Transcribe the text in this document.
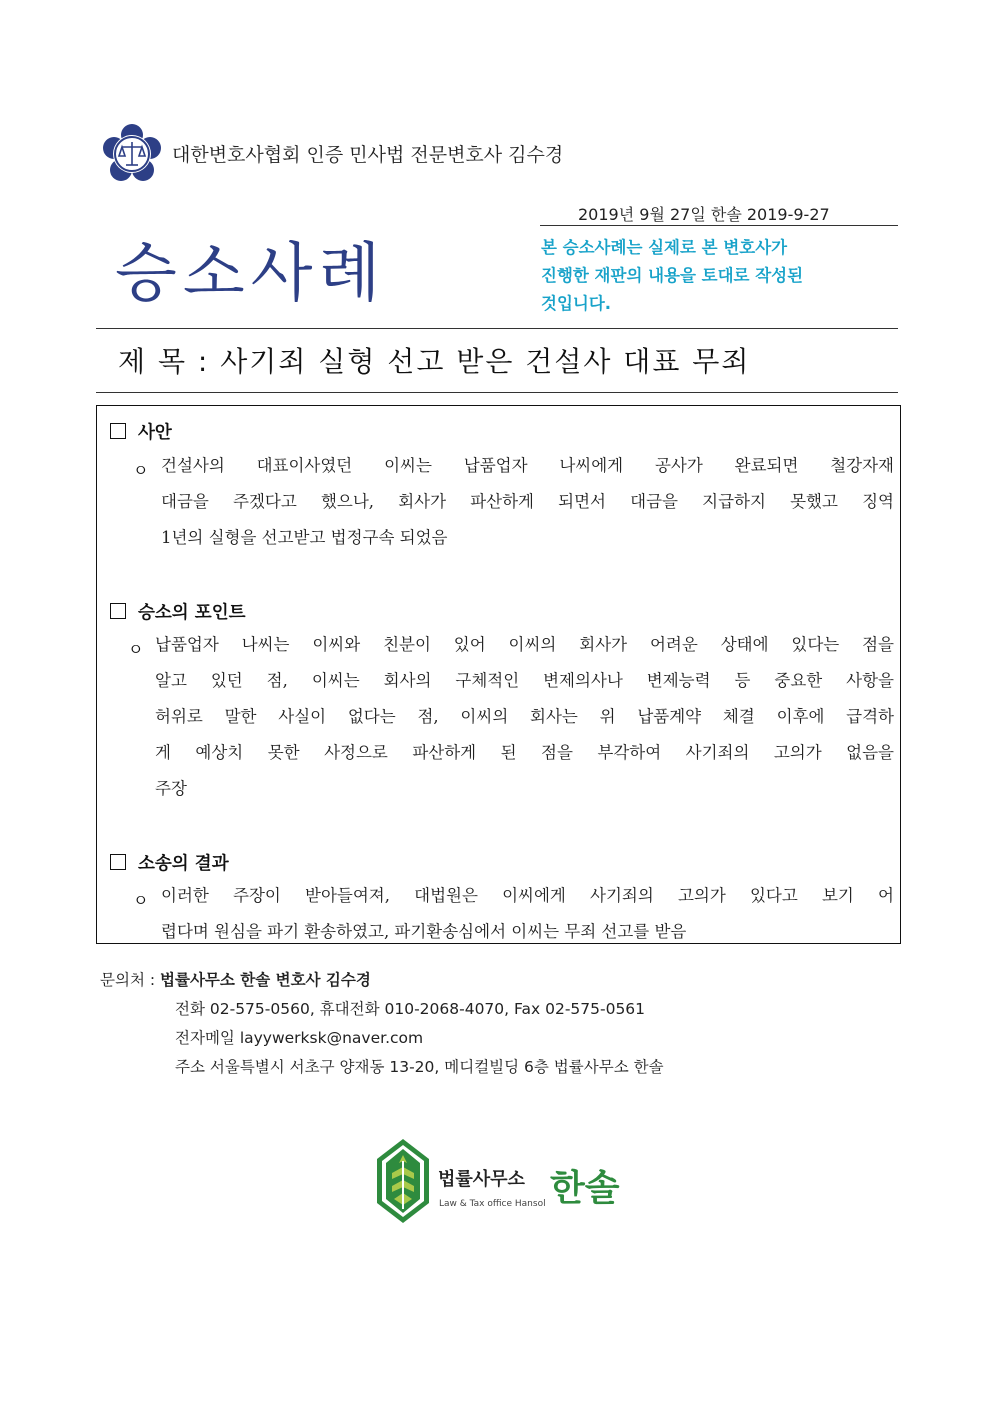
대한변호사협회 인증 민사법 전문변호사 김수경
2019년 9월 27일 한솔 2019-9-27
승소사례	본 승소사례는 실제로 본 변호사가
진행한 재판의 내용을 토대로 작성된
것입니다.
제 목 : 사기죄 실형 선고 받은 건설사 대표 무죄
사안
ㅇ 건설사의 대표이사였던 이씨는 납품업자 나씨에게 공사가 완료되면 철강자재
대금을 주겠다고 했으나, 회사가 파산하게 되면서 대금을 지급하지 못했고 징역
1년의 실형을 선고받고 법정구속 되었음
승소의 포인트
ㅇ 납품업자 나씨는 이씨와 친분이 있어 이씨의 회사가 어려운 상태에 있다는 점을
알고 있던 점, 이씨는 회사의 구체적인 변제의사나 변제능력 등 중요한 사항을
허위로 말한 사실이 없다는 점, 이씨의 회사는 위 납품계약 체결 이후에 급격하
게 예상치 못한 사정으로 파산하게 된 점을 부각하여 사기죄의 고의가 없음을
주장
소송의 결과
ㅇ 이러한 주장이 받아들여져, 대법원은 이씨에게 사기죄의 고의가 있다고 보기 어
렵다며 원심을 파기 환송하였고, 파기환송심에서 이씨는 무죄 선고를 받음
문의처 : 법률사무소 한솔 변호사 김수경
전화 02-575-0560, 휴대전화 010-2068-4070, Fax 02-575-0561
전자메일 layywerksk@naver.com
주소 서울특별시 서초구 양재동 13-20, 메디컬빌딩 6층 법률사무소 한솔
법률사무소
Law & Tax office Hansol 한솔
